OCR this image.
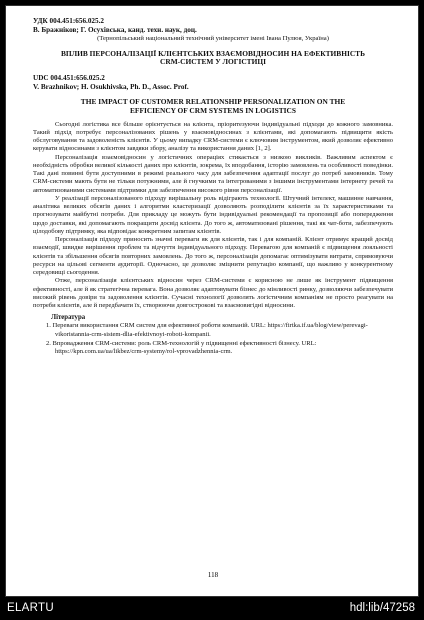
УДК 004.451:656.025.2
В. Бражніков; Г. Осухівська, канд. техн. наук, доц.
(Тернопільський національний технічний університет імені Івана Пулюя, Україна)
ВПЛИВ ПЕРСОНАЛІЗАЦІЇ КЛІЄНТСЬКИХ ВЗАЄМОВІДНОСИН НА ЕФЕКТИВНІСТЬ
CRM-СИСТЕМ У ЛОГІСТИЦІ
UDC 004.451:656.025.2
V. Brazhnikov; H. Osukhivska, Ph. D., Assoc. Prof.
THE IMPACT OF CUSTOMER RELATIONSHIP PERSONALIZATION ON THE
EFFICIENCY OF CRM SYSTEMS IN LOGISTICS

Сьогодні логістика все більше орієнтується на клієнта, пріоритезуючи індивідуальні підходи до кожного замовника. Такий підхід потребує персоналізованих рішень у взаємовідносинах з клієнтами, які допомагають підвищити якість обслуговування та задоволеність клієнтів. У цьому випадку CRM-системи є ключовим інструментом, який дозволяє ефективно керувати відносинами з клієнтом завдяки збору, аналізу та використання даних [1, 2].

Персоналізація взаємовідносин у логістичних операціях стикається з низкою викликів. Важливим аспектом є необхідність обробки великої кількості даних про клієнтів, зокрема, їх вподобання, історію замовлень та особливості поведінки. Такі дані повинні бути доступними в режимі реального часу для забезпечення адаптації послуг до потреб замовників. Тому CRM-системи мають бути не тільки потужними, але й гнучкими та інтегрованими з іншими інструментами інтернету речей та автоматизованими системами підтримки для забезпечення високого рівня персоналізації.

У реалізації персоналізованого підходу вирішальну роль відіграють технології. Штучний інтелект, машинне навчання, аналітика великих обсягів даних і алгоритми кластеризації дозволяють розподілити клієнтів за їх характеристиками та прогнозувати майбутні потреби. Для прикладу це можуть бути індивідуальні рекомендації та пропозиції або попередження щодо доставки, які допомагають покращити досвід клієнта. До того ж, автоматизовані рішення, такі як чат-боти, забезпечують цілодобову підтримку, яка відповідає конкретним запитам клієнтів.

Персоналізація підходу приносить значні переваги як для клієнтів, так і для компаній. Клієнт отримує кращий досвід взаємодії, швидке вирішення проблем та відчуття індивідуального підходу. Перевагою для компаній є підвищення лояльності клієнтів та збільшення обсягів повторних замовлень. До того ж, персоналізація допомагає оптимізувати витрати, спрямовуючи ресурси на цільові сегменти аудиторії. Одночасно, це дозволяє зміцнити репутацію компанії, що важливо у конкурентному середовищі сьогодення.

Отже, персоналізація клієнтських відносин через CRM-системи є корисною не лише як інструмент підвищення ефективності, але й як стратегічна перевага. Вона дозволяє адаптовувати бізнес до мінливості ринку, дозволяючи забезпечувати високий рівень довіри та задоволення клієнтів. Сучасні технології дозволять логістичним компаніям не просто реагувати на потреби клієнтів, але й передбачати їх, створюючи довгострокові та взаємовигідні відносини.

Література

1. Переваги використання CRM систем для ефективної роботи компаній. URL: https://firtka.if.ua/blog/view/perevagi-vikoristannia-crm-sistem-dlia-efektivnoyi-roboti-kompanii.

2. Впровадження CRM-системи: роль CRM-технологій у підвищенні ефективності бізнесу. URL: https://kpn.com.ua/ua/likbez/crm-systemy/rol-vprovadzhennia-crm.

118
ELARTU	hdl:lib/47258
